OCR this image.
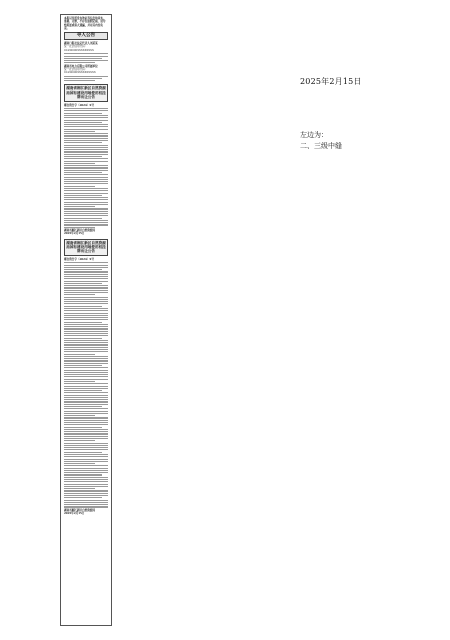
本报以及所发布的证券信息均真实、准确、完整，不存在虚假记载、误导性陈述或重大遗漏，并对其内容负责。

寻人公告

湖南日报社法定代表人刘某某

统一社会信用代码：91430000XXXXXXXXX

湖南省电力有限公司所属单位

统一社会信用代码：91430000XXXXXXXXXX

湖南省湘江新区自然资源局国有建设用地使用权挂牌出让公告

湘自资告字〔2024〕X号

湖南省湘江新区自然资源局

2025年2月15日

湖南省湘江新区自然资源局国有建设用地使用权挂牌出让公告

湘自资告字〔2024〕X号

湖南省湘江新区自然资源局

2025年2月15日

2025年2月15日
左边为：
二、三级中缝
